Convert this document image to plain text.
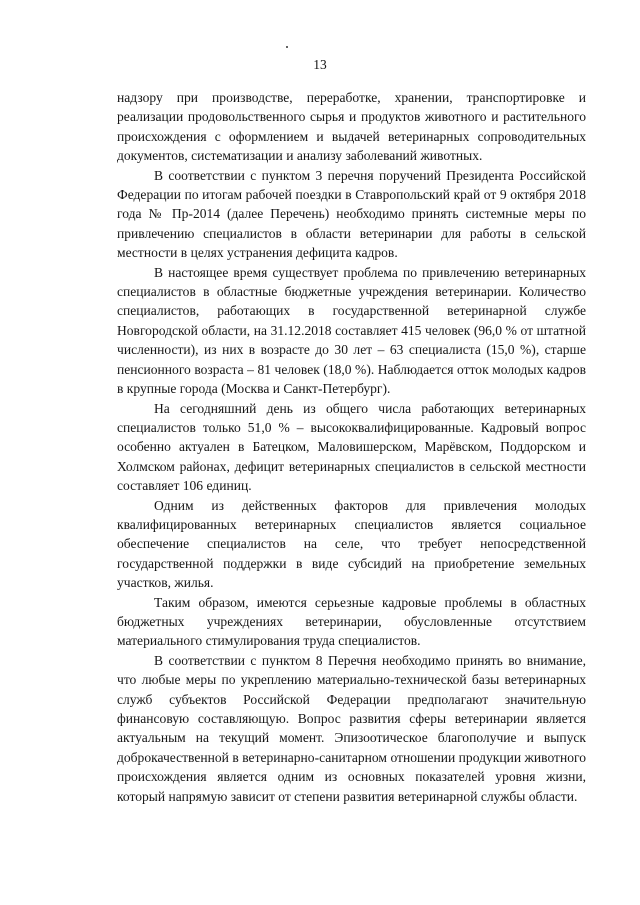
13

надзору при производстве, переработке, хранении, транспортировке и реализации продовольственного сырья и продуктов животного и растительного происхождения с оформлением и выдачей ветеринарных сопроводительных документов, систематизации и анализу заболеваний животных.

В соответствии с пунктом 3 перечня поручений Президента Российской Федерации по итогам рабочей поездки в Ставропольский край от 9 октября 2018 года № Пр-2014 (далее Перечень) необходимо принять системные меры по привлечению специалистов в области ветеринарии для работы в сельской местности в целях устранения дефицита кадров.

В настоящее время существует проблема по привлечению ветеринарных специалистов в областные бюджетные учреждения ветеринарии. Количество специалистов, работающих в государственной ветеринарной службе Новгородской области, на 31.12.2018 составляет 415 человек (96,0 % от штатной численности), из них в возрасте до 30 лет – 63 специалиста (15,0 %), старше пенсионного возраста – 81 человек (18,0 %). Наблюдается отток молодых кадров в крупные города (Москва и Санкт-Петербург).

На сегодняшний день из общего числа работающих ветеринарных специалистов только 51,0 % – высококвалифицированные. Кадровый вопрос особенно актуален в Батецком, Маловишерском, Марёвском, Поддорском и Холмском районах, дефицит ветеринарных специалистов в сельской местности составляет 106 единиц.

Одним из действенных факторов для привлечения молодых квалифицированных ветеринарных специалистов является социальное обеспечение специалистов на селе, что требует непосредственной государственной поддержки в виде субсидий на приобретение земельных участков, жилья.

Таким образом, имеются серьезные кадровые проблемы в областных бюджетных учреждениях ветеринарии, обусловленные отсутствием материального стимулирования труда специалистов.

В соответствии с пунктом 8 Перечня необходимо принять во внимание, что любые меры по укреплению материально-технической базы ветеринарных служб субъектов Российской Федерации предполагают значительную финансовую составляющую. Вопрос развития сферы ветеринарии является актуальным на текущий момент. Эпизоотическое благополучие и выпуск доброкачественной в ветеринарно-санитарном отношении продукции животного происхождения является одним из основных показателей уровня жизни, который напрямую зависит от степени развития ветеринарной службы области.
